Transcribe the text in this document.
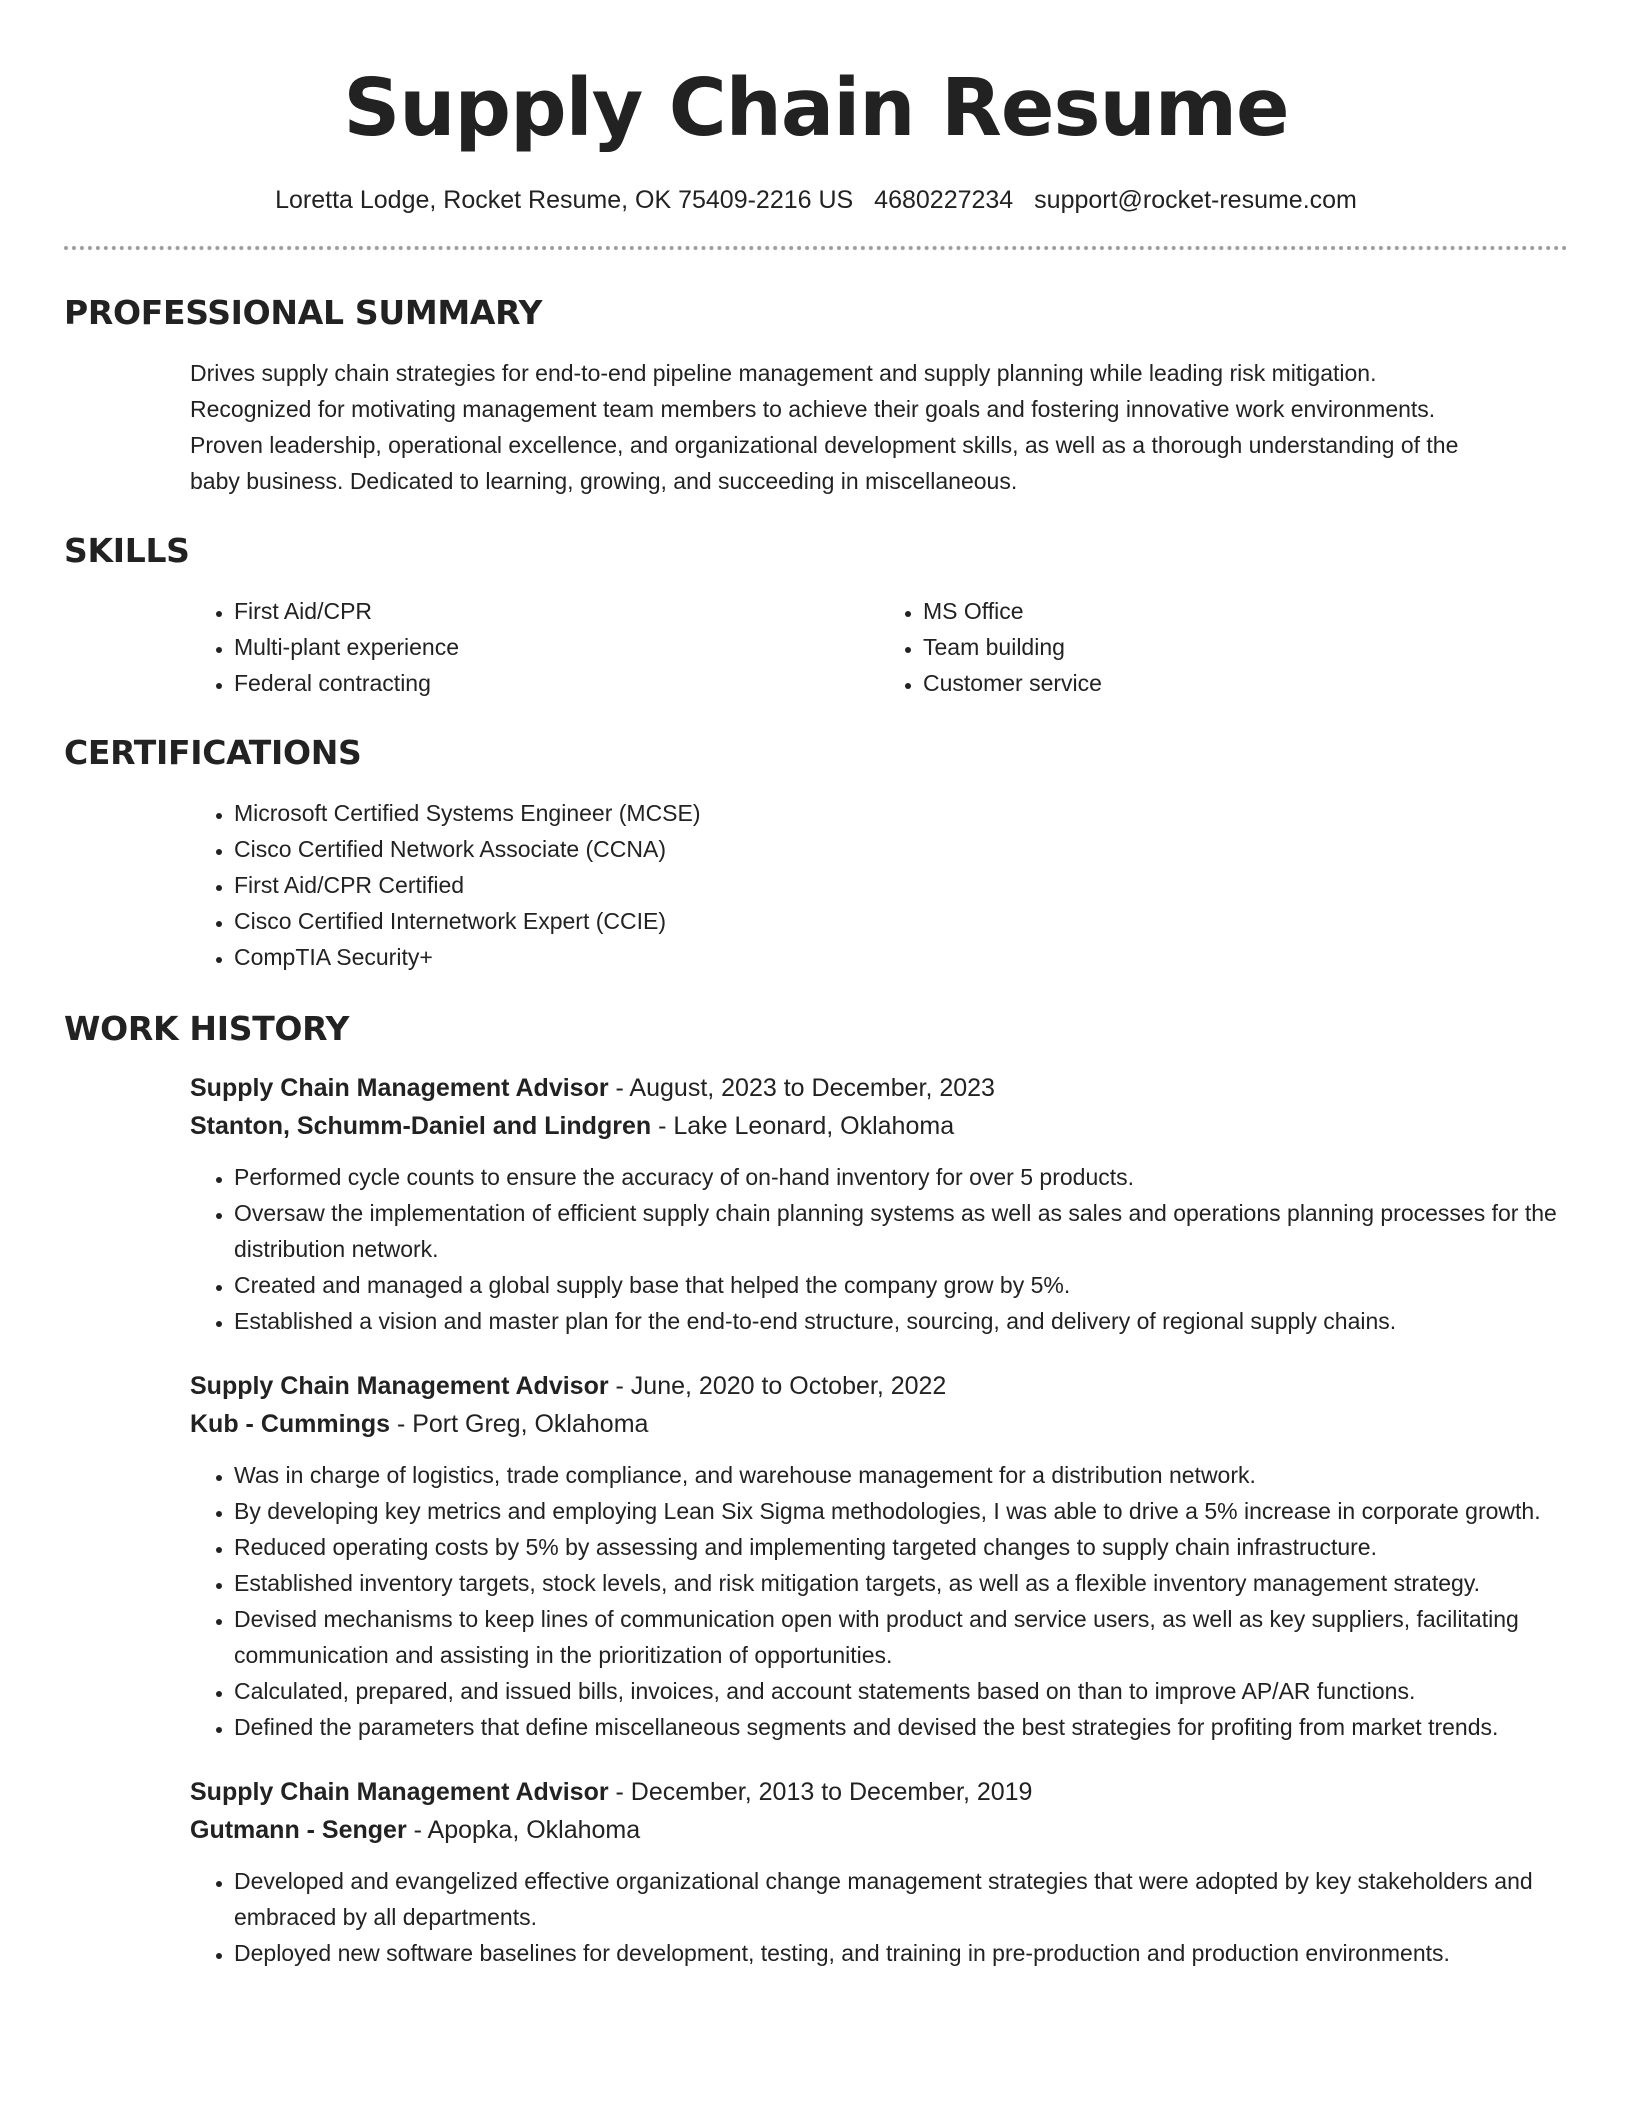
Supply Chain Resume
Loretta Lodge, Rocket Resume, OK 75409-2216 US 4680227234 support@rocket-resume.com
PROFESSIONAL SUMMARY
Drives supply chain strategies for end-to-end pipeline management and supply planning while leading risk mitigation.
Recognized for motivating management team members to achieve their goals and fostering innovative work environments.
Proven leadership, operational excellence, and organizational development skills, as well as a thorough understanding of the
baby business. Dedicated to learning, growing, and succeeding in miscellaneous.
SKILLS
• First Aid/CPR
• Multi-plant experience
• Federal contracting
• MS Office
• Team building
• Customer service
CERTIFICATIONS
• Microsoft Certified Systems Engineer (MCSE)
• Cisco Certified Network Associate (CCNA)
• First Aid/CPR Certified
• Cisco Certified Internetwork Expert (CCIE)
• CompTIA Security+
WORK HISTORY
Supply Chain Management Advisor - August, 2023 to December, 2023
Stanton, Schumm-Daniel and Lindgren - Lake Leonard, Oklahoma
• Performed cycle counts to ensure the accuracy of on-hand inventory for over 5 products.
• Oversaw the implementation of efficient supply chain planning systems as well as sales and operations planning processes for the distribution network.
• Created and managed a global supply base that helped the company grow by 5%.
• Established a vision and master plan for the end-to-end structure, sourcing, and delivery of regional supply chains.
Supply Chain Management Advisor - June, 2020 to October, 2022
Kub - Cummings - Port Greg, Oklahoma
• Was in charge of logistics, trade compliance, and warehouse management for a distribution network.
• By developing key metrics and employing Lean Six Sigma methodologies, I was able to drive a 5% increase in corporate growth.
• Reduced operating costs by 5% by assessing and implementing targeted changes to supply chain infrastructure.
• Established inventory targets, stock levels, and risk mitigation targets, as well as a flexible inventory management strategy.
• Devised mechanisms to keep lines of communication open with product and service users, as well as key suppliers, facilitating communication and assisting in the prioritization of opportunities.
• Calculated, prepared, and issued bills, invoices, and account statements based on than to improve AP/AR functions.
• Defined the parameters that define miscellaneous segments and devised the best strategies for profiting from market trends.
Supply Chain Management Advisor - December, 2013 to December, 2019
Gutmann - Senger - Apopka, Oklahoma
• Developed and evangelized effective organizational change management strategies that were adopted by key stakeholders and embraced by all departments.
• Deployed new software baselines for development, testing, and training in pre-production and production environments.
